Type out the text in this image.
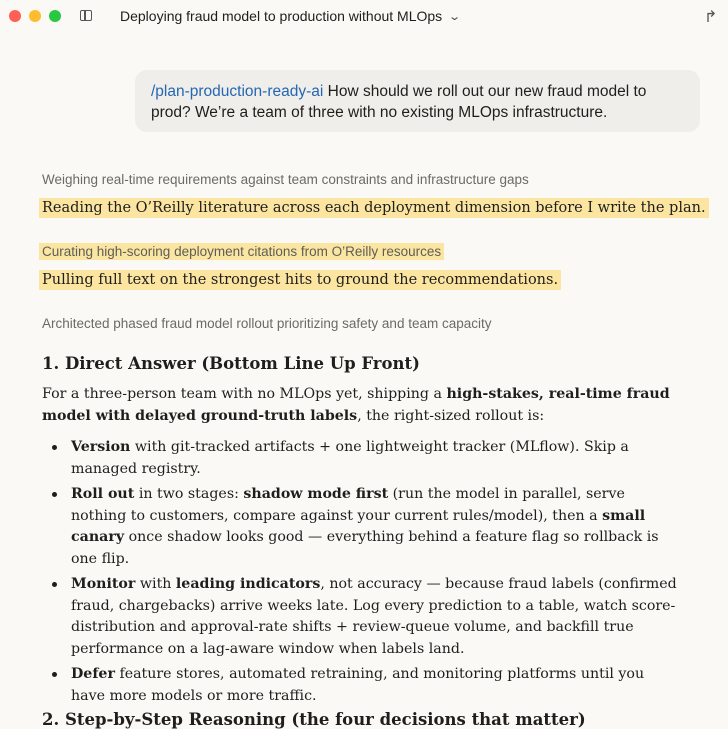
Deploying fraud model to production without MLOps ⌄	↱
/plan-production-ready-ai How should we roll out our new fraud model to prod? We’re a team of three with no existing MLOps infrastructure.
Weighing real-time requirements against team constraints and infrastructure gaps
Reading the O’Reilly literature across each deployment dimension before I write the plan.
Curating high-scoring deployment citations from O’Reilly resources
Pulling full text on the strongest hits to ground the recommendations.
Architected phased fraud model rollout prioritizing safety and team capacity
1. Direct Answer (Bottom Line Up Front)
For a three-person team with no MLOps yet, shipping a high-stakes, real-time fraud model with delayed ground-truth labels, the right-sized rollout is:
Version with git-tracked artifacts + one lightweight tracker (MLflow). Skip a managed registry.
Roll out in two stages: shadow mode first (run the model in parallel, serve nothing to customers, compare against your current rules/model), then a small canary once shadow looks good — everything behind a feature flag so rollback is one flip.
Monitor with leading indicators, not accuracy — because fraud labels (confirmed fraud, chargebacks) arrive weeks late. Log every prediction to a table, watch score-distribution and approval-rate shifts + review-queue volume, and backfill true performance on a lag-aware window when labels land.
Defer feature stores, automated retraining, and monitoring platforms until you have more models or more traffic.
2. Step-by-Step Reasoning (the four decisions that matter)
